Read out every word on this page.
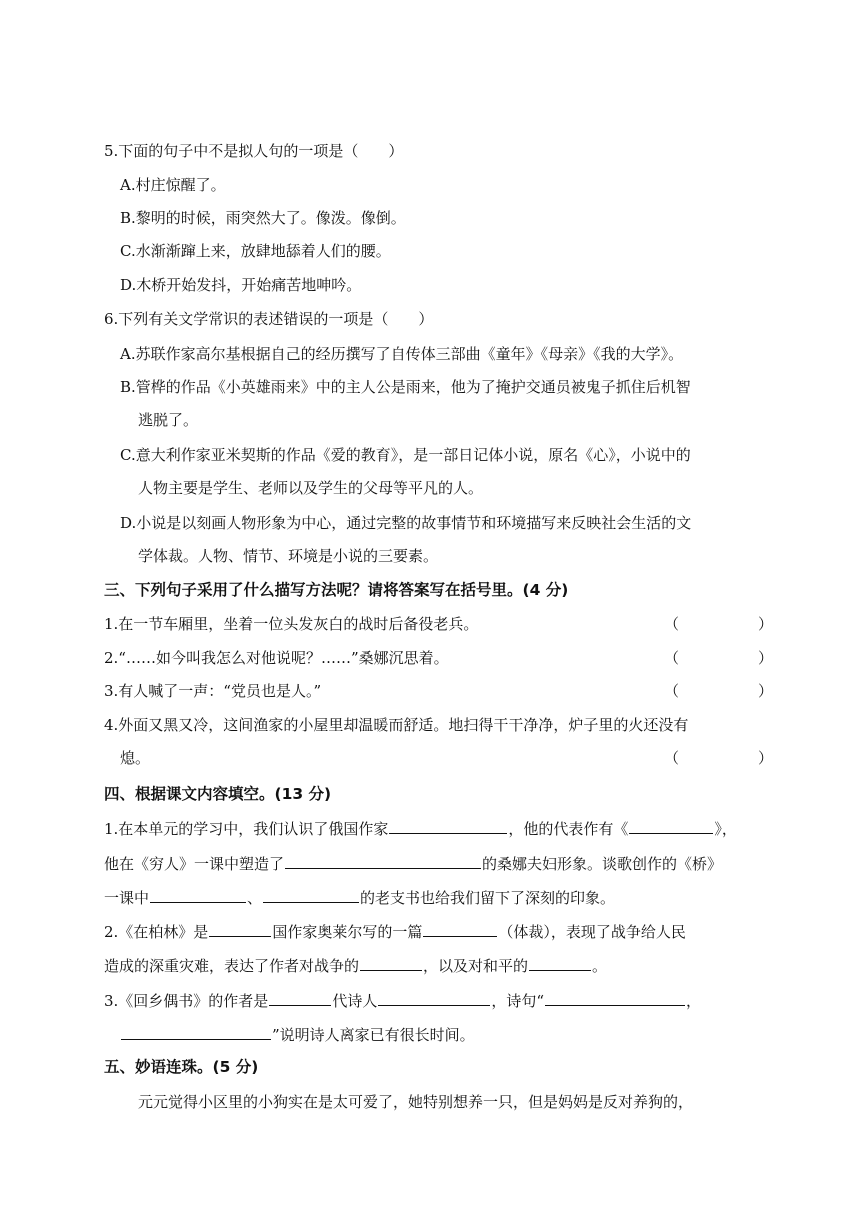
5.下面的句子中不是拟人句的一项是（　　）
A.村庄惊醒了。
B.黎明的时候，雨突然大了。像泼。像倒。
C.水渐渐蹿上来，放肆地舔着人们的腰。
D.木桥开始发抖，开始痛苦地呻吟。
6.下列有关文学常识的表述错误的一项是（　　）
A.苏联作家高尔基根据自己的经历撰写了自传体三部曲《童年》《母亲》《我的大学》。
B.管桦的作品《小英雄雨来》中的主人公是雨来，他为了掩护交通员被鬼子抓住后机智
逃脱了。
C.意大利作家亚米契斯的作品《爱的教育》，是一部日记体小说，原名《心》，小说中的
人物主要是学生、老师以及学生的父母等平凡的人。
D.小说是以刻画人物形象为中心，通过完整的故事情节和环境描写来反映社会生活的文
学体裁。人物、情节、环境是小说的三要素。
三、下列句子采用了什么描写方法呢？请将答案写在括号里。(4 分)
1.在一节车厢里，坐着一位头发灰白的战时后备役老兵。	（	）
2.“……如今叫我怎么对他说呢？……”桑娜沉思着。	（	）
3.有人喊了一声：“党员也是人。”	（	）
4.外面又黑又冷，这间渔家的小屋里却温暖而舒适。地扫得干干净净，炉子里的火还没有
熄。	（	）
四、根据课文内容填空。(13 分)
1.在本单元的学习中，我们认识了俄国作家	，他的代表作有《	》，
他在《穷人》一课中塑造了	的桑娜夫妇形象。谈歌创作的《桥》
一课中	、	的老支书也给我们留下了深刻的印象。
2.《在柏林》是	国作家奥莱尔写的一篇	（体裁），表现了战争给人民
造成的深重灾难，表达了作者对战争的	，以及对和平的	。
3.《回乡偶书》的作者是	代诗人	，诗句“	，
”说明诗人离家已有很长时间。
五、妙语连珠。(5 分)
元元觉得小区里的小狗实在是太可爱了，她特别想养一只，但是妈妈是反对养狗的，
